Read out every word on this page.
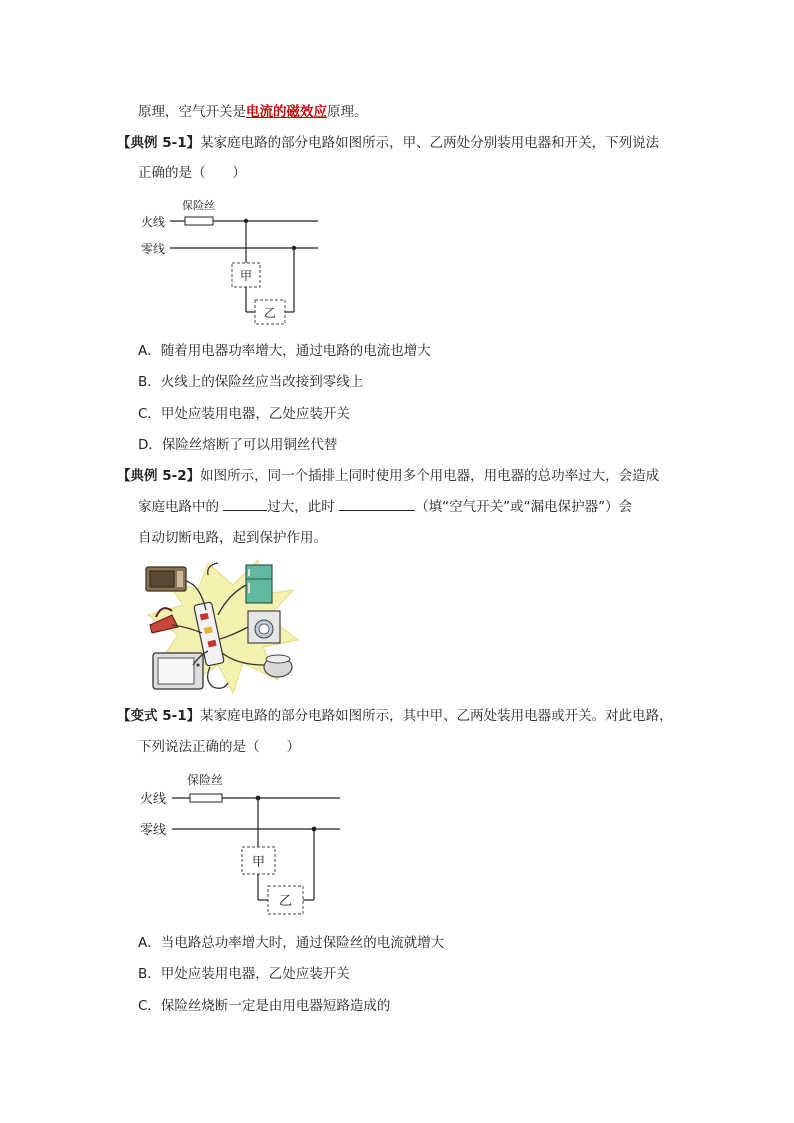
原理，空气开关是电流的磁效应原理。
【典例 5-1】某家庭电路的部分电路如图所示，甲、乙两处分别装用电器和开关，下列说法
正确的是（　　）
火线
零线
保险丝
甲
乙
A．随着用电器功率增大，通过电路的电流也增大
B．火线上的保险丝应当改接到零线上
C．甲处应装用电器，乙处应装开关
D．保险丝熔断了可以用铜丝代替
【典例 5-2】如图所示，同一个插排上同时使用多个用电器，用电器的总功率过大，会造成
家庭电路中的	过大，此时	（填“空气开关”或“漏电保护器”）会
自动切断电路，起到保护作用。
【变式 5-1】某家庭电路的部分电路如图所示，其中甲、乙两处装用电器或开关。对此电路，
下列说法正确的是（　　）
火线
零线
保险丝
甲
乙
A．当电路总功率增大时，通过保险丝的电流就增大
B．甲处应装用电器，乙处应装开关
C．保险丝烧断一定是由用电器短路造成的
